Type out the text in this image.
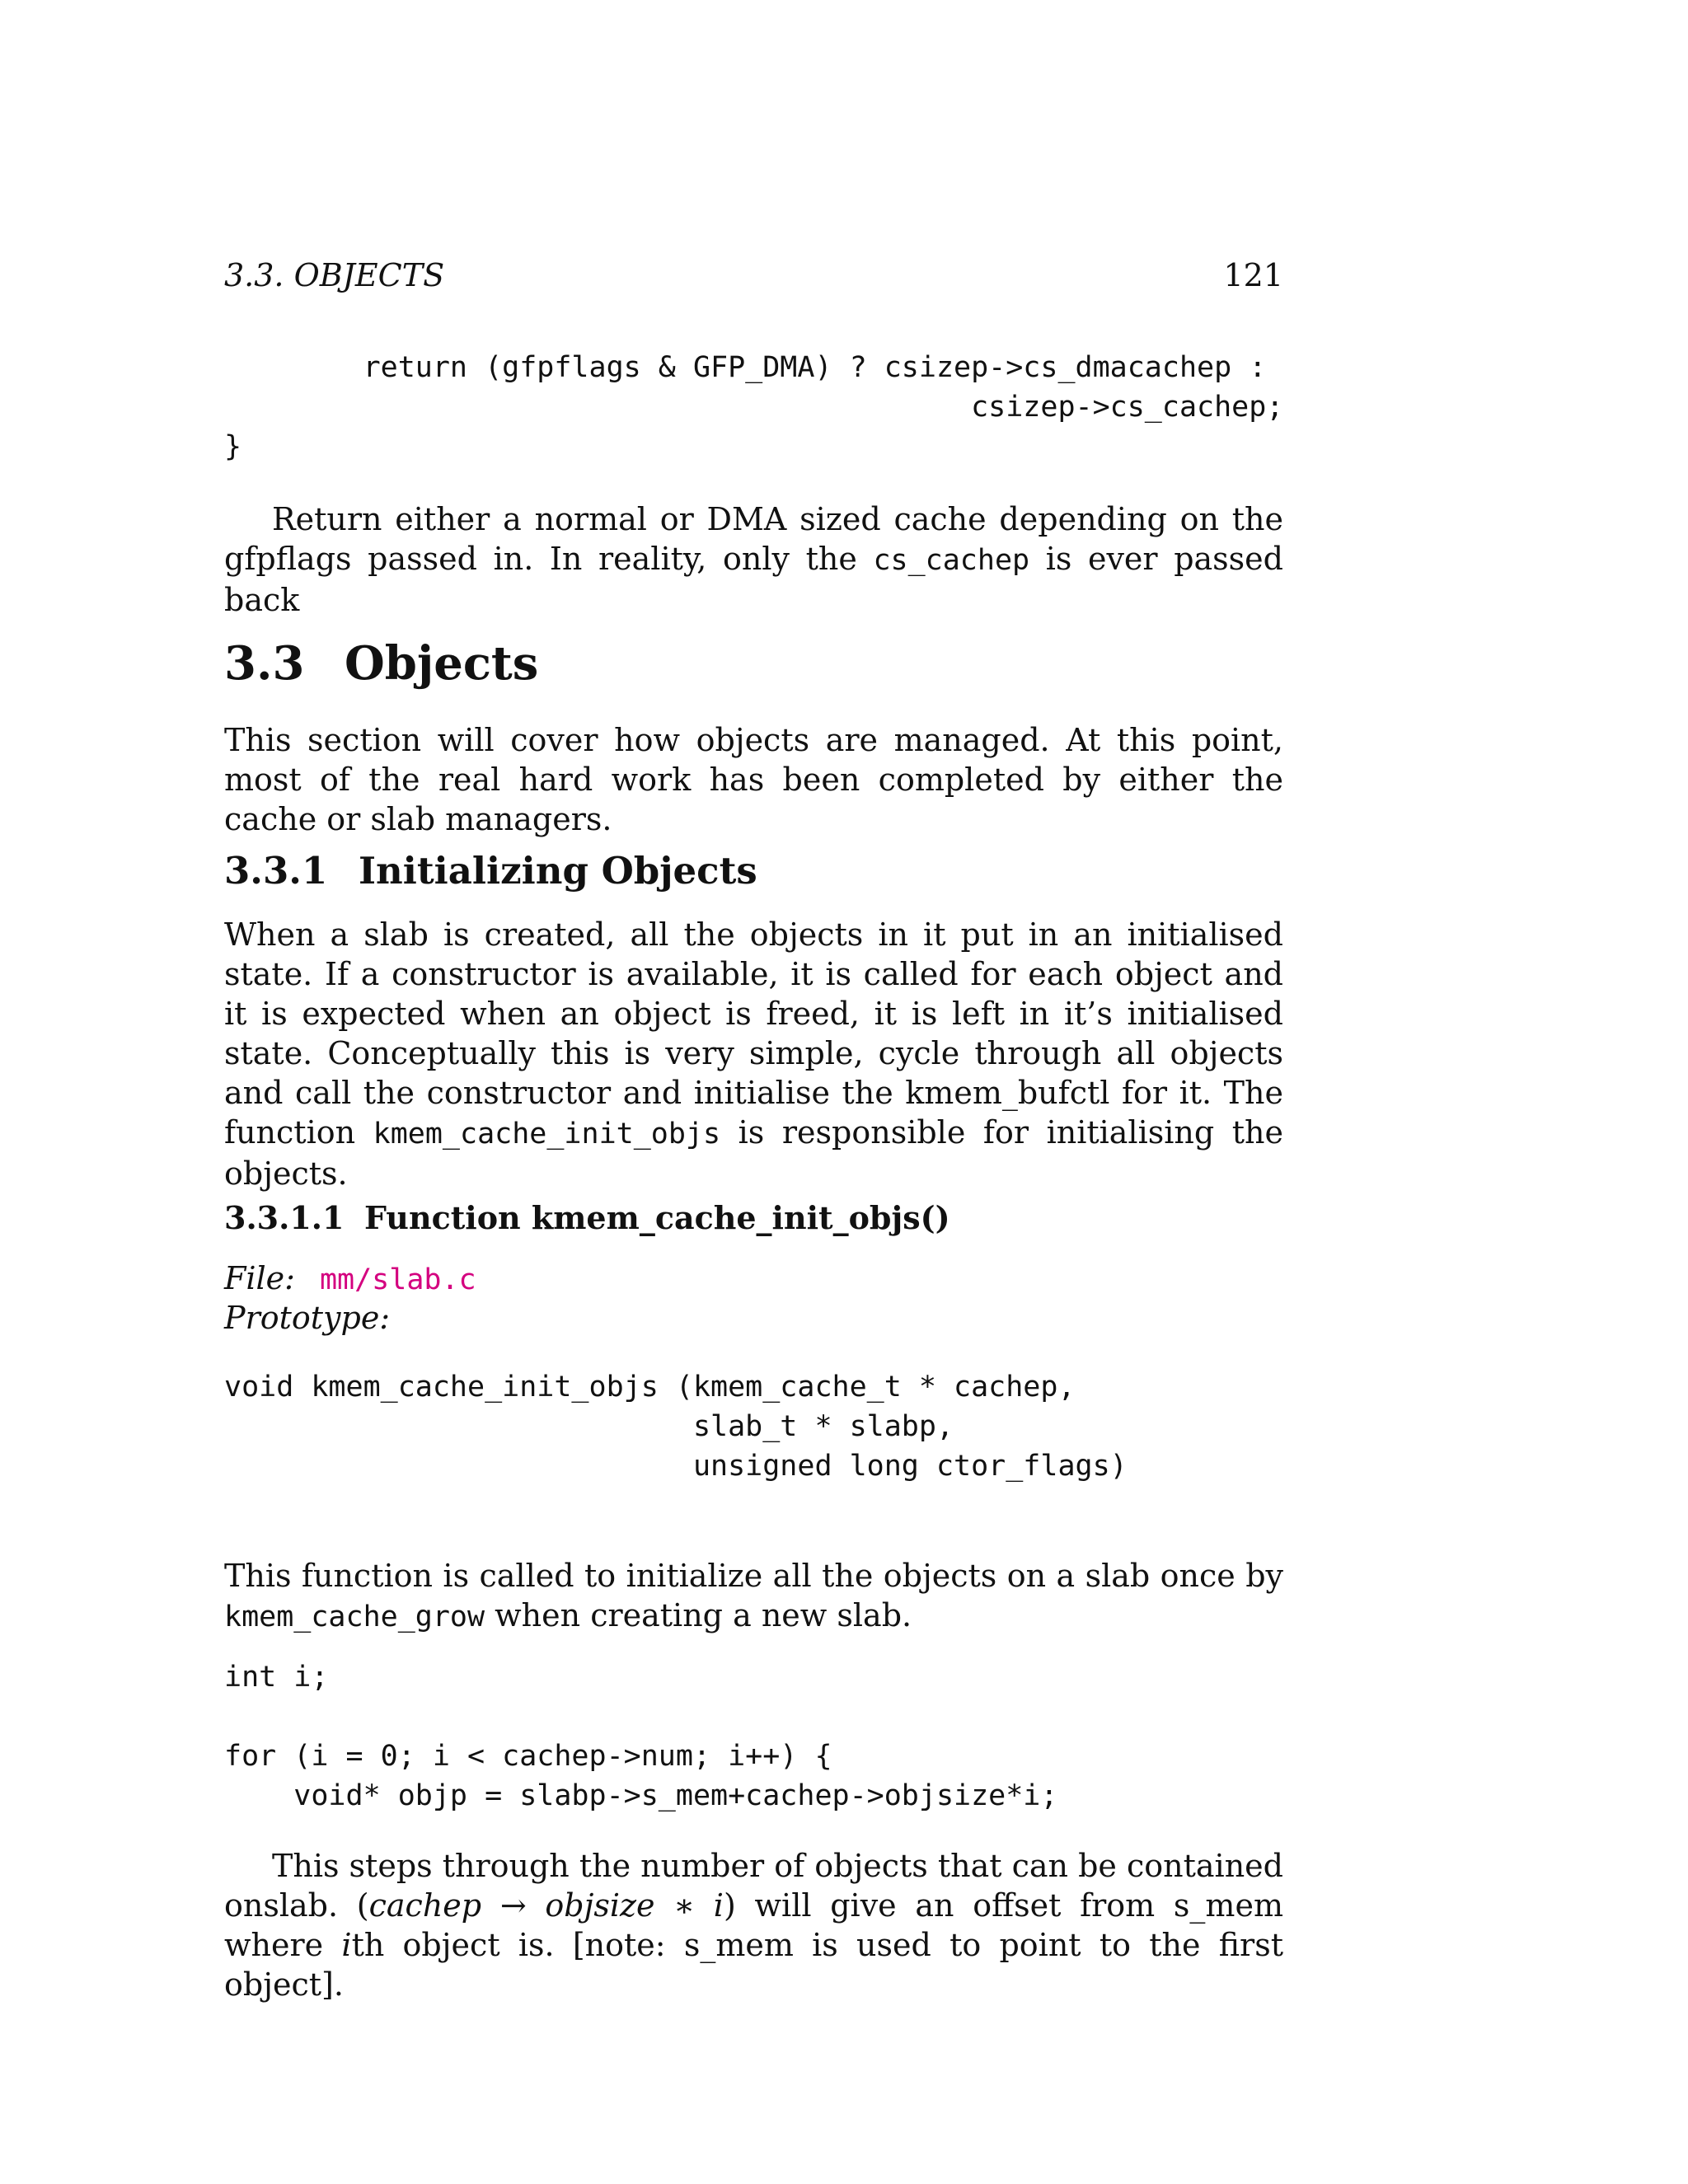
3.3. OBJECTS	121
return (gfpflags & GFP_DMA) ? csizep->cs_dmacachep :
csizep->cs_cachep;
}

Return either a normal or DMA sized cache depending on the gfpflags passed in. In reality, only the cs_cachep is ever passed back

3.3 Objects

This section will cover how objects are managed. At this point, most of the real hard work has been completed by either the cache or slab managers.

3.3.1 Initializing Objects

When a slab is created, all the objects in it put in an initialised state. If a constructor is available, it is called for each object and it is expected when an object is freed, it is left in it’s initialised state. Conceptually this is very simple, cycle through all objects and call the constructor and initialise the kmem_bufctl for it. The function kmem_cache_init_objs is responsible for initialising the objects.

3.3.1.1 Function kmem_cache_init_objs()
File: mm/slab.c
Prototype:
void kmem_cache_init_objs (kmem_cache_t * cachep,
slab_t * slabp,
unsigned long ctor_flags)

This function is called to initialize all the objects on a slab once by kmem_cache_grow when creating a new slab.

int i;

for (i = 0; i < cachep->num; i++) {
void* objp = slabp->s_mem+cachep->objsize*i;

This steps through the number of objects that can be contained onslab. (cachep → objsize ∗ i) will give an offset from s_mem where ith object is. [note: s_mem is used to point to the first object].
